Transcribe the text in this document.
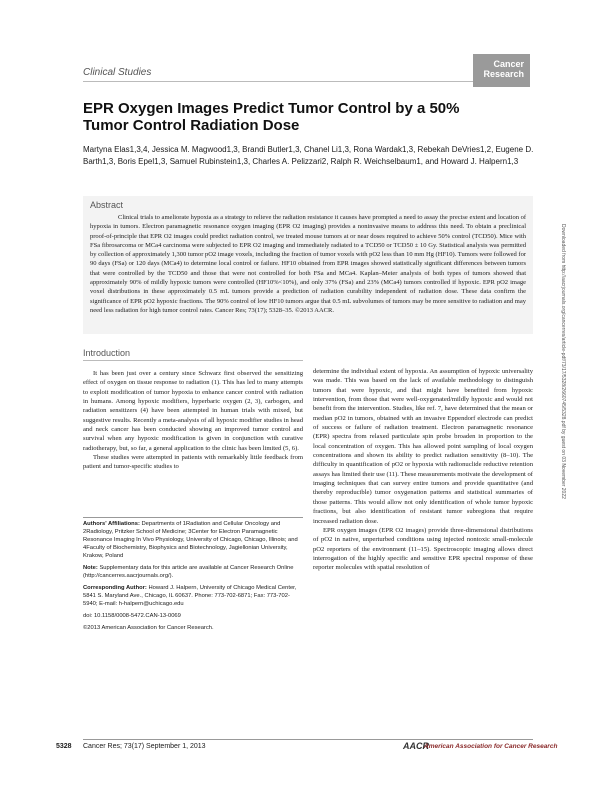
Clinical Studies
Cancer
Research
EPR Oxygen Images Predict Tumor Control by a 50% Tumor Control Radiation Dose
Martyna Elas1,3,4, Jessica M. Magwood1,3, Brandi Butler1,3, Chanel Li1,3, Rona Wardak1,3, Rebekah DeVries1,2, Eugene D. Barth1,3, Boris Epel1,3, Samuel Rubinstein1,3, Charles A. Pelizzari2, Ralph R. Weichselbaum1, and Howard J. Halpern1,3
Abstract
Clinical trials to ameliorate hypoxia as a strategy to relieve the radiation resistance it causes have prompted a need to assay the precise extent and location of hypoxia in tumors. Electron paramagnetic resonance oxygen imaging (EPR O2 imaging) provides a noninvasive means to address this need. To obtain a preclinical proof-of-principle that EPR O2 images could predict radiation control, we treated mouse tumors at or near doses required to achieve 50% control (TCD50). Mice with FSa fibrosarcoma or MCa4 carcinoma were subjected to EPR O2 imaging and immediately radiated to a TCD50 or TCD50 ± 10 Gy. Statistical analysis was permitted by collection of approximately 1,300 tumor pO2 image voxels, including the fraction of tumor voxels with pO2 less than 10 mm Hg (HF10). Tumors were followed for 90 days (FSa) or 120 days (MCa4) to determine local control or failure. HF10 obtained from EPR images showed statistically significant differences between tumors that were controlled by the TCD50 and those that were not controlled for both FSa and MCa4. Kaplan–Meier analysis of both types of tumors showed that approximately 90% of mildly hypoxic tumors were controlled (HF10%<10%), and only 37% (FSa) and 23% (MCa4) tumors controlled if hypoxic. EPR pO2 image voxel distributions in these approximately 0.5 mL tumors provide a prediction of radiation curability independent of radiation dose. These data confirm the significance of EPR pO2 hypoxic fractions. The 90% control of low HF10 tumors argue that 0.5 mL subvolumes of tumors may be more sensitive to radiation and may need less radiation for high tumor control rates. Cancer Res; 73(17); 5328–35. ©2013 AACR.	Downloaded from http://aacrjournals.org/cancerres/article-pdf/73/17/5328/2660745/5328.pdf by guest on 03 November 2022
Introduction

It has been just over a century since Schwarz first observed the sensitizing effect of oxygen on tissue response to radiation (1). This has led to many attempts to exploit modification of tumor hypoxia to enhance cancer control with radiation in humans. Among hypoxic modifiers, hyperbaric oxygen (2, 3), carbogen, and radiation sensitizers (4) have been attempted in human trials with mixed, but suggestive results. Recently a meta-analysis of all hypoxic modifier studies in head and neck cancer has been conducted showing an improved tumor control and survival when any hypoxic modification is given in conjunction with curative radiotherapy, but, so far, a general application to the clinic has been limited (5, 6).

These studies were attempted in patients with remarkably little feedback from patient and tumor-specific studies to

determine the individual extent of hypoxia. An assumption of hypoxic universality was made. This was based on the lack of available methodology to distinguish tumors that were hypoxic, and that might have benefited from hypoxic intervention, from those that were well-oxygenated/mildly hypoxic and would not benefit from the intervention. Studies, like ref. 7, have determined that the mean or median pO2 in tumors, obtained with an invasive Eppendorf electrode can predict of success or failure of radiation treatment. Electron paramagnetic resonance (EPR) spectra from relaxed particulate spin probe broaden in proportion to the local concentration of oxygen. This has allowed point sampling of local oxygen concentrations and shown its ability to predict radiation sensitivity (8–10). The difficulty in quantification of pO2 or hypoxia with radionuclide reductive retention assays has limited their use (11). These measurements motivate the development of imaging techniques that can survey entire tumors and provide quantitative (and thereby reproducible) tumor oxygenation patterns and statistical summaries of those patterns. This would allow not only identification of whole tumor hypoxic fractions, but also identification of resistant tumor subregions that require increased radiation dose.

EPR oxygen images (EPR O2 images) provide three-dimensional distributions of pO2 in native, unperturbed conditions using injected nontoxic small-molecule pO2 reporters of the environment (11–15). Spectroscopic imaging allows direct interrogation of the highly specific and sensitive EPR spectral response of these reporter molecules with spatial resolution of

Authors' Affiliations: Departments of 1Radiation and Cellular Oncology and 2Radiology, Pritzker School of Medicine; 3Center for Electron Paramagnetic Resonance Imaging In Vivo Physiology, University of Chicago, Chicago, Illinois; and 4Faculty of Biochemistry, Biophysics and Biotechnology, Jagiellonian University, Krakow, Poland

Note: Supplementary data for this article are available at Cancer Research Online (http://cancerres.aacrjournals.org/).

Corresponding Author: Howard J. Halpern, University of Chicago Medical Center, 5841 S. Maryland Ave., Chicago, IL 60637. Phone: 773-702-6871; Fax: 773-702-5940; E-mail: h-halpern@uchicago.edu

doi: 10.1158/0008-5472.CAN-13-0069

©2013 American Association for Cancer Research.

5328 Cancer Res; 73(17) September 1, 2013	AACR
American Association for Cancer Research
